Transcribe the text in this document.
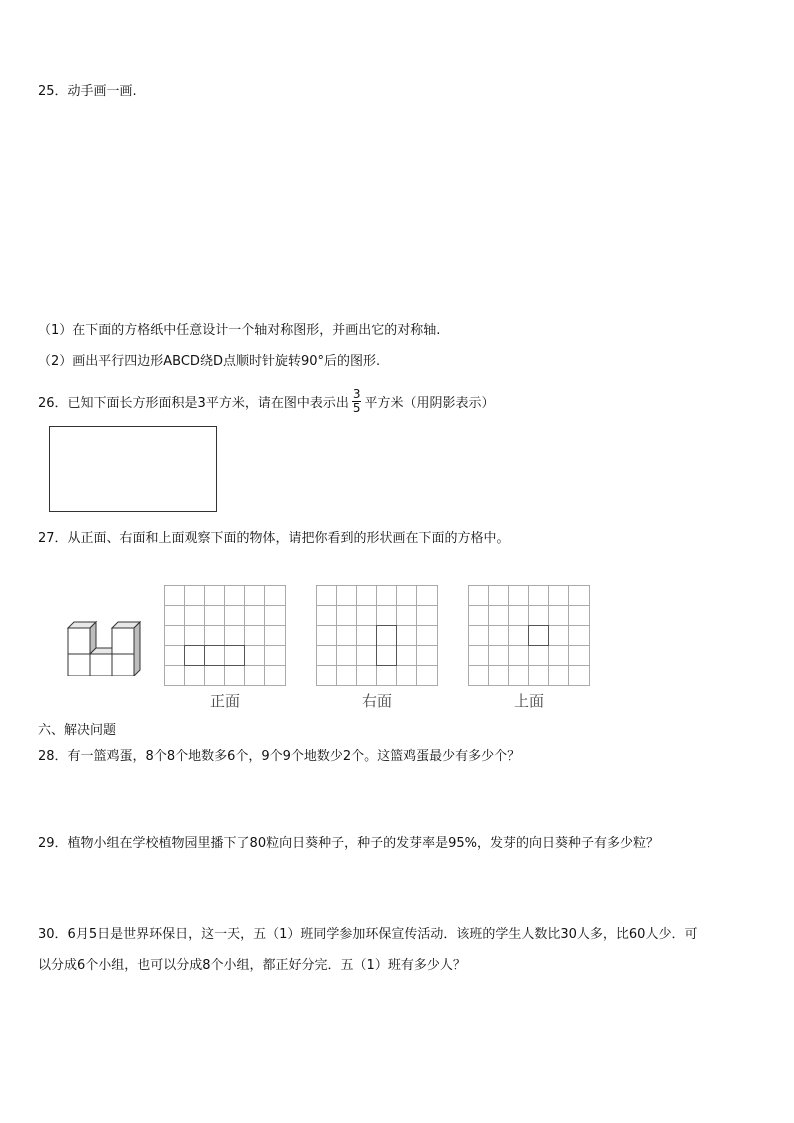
25．动手画一画.
（1）在下面的方格纸中任意设计一个轴对称图形，并画出它的对称轴.
（2）画出平行四边形ABCD绕D点顺时针旋转90°后的图形.
26．已知下面长方形面积是3平方米，请在图中表示出 $\frac{3}{5}$ 平方米（用阴影表示）
27．从正面、右面和上面观察下面的物体，请把你看到的形状画在下面的方格中。
正面	右面	上面
六、解决问题
28．有一篮鸡蛋，8个8个地数多6个，9个9个地数少2个。这篮鸡蛋最少有多少个？
29．植物小组在学校植物园里播下了80粒向日葵种子，种子的发芽率是95%，发芽的向日葵种子有多少粒？
30．6月5日是世界环保日，这一天，五（1）班同学参加环保宣传活动．该班的学生人数比30人多，比60人少．可
以分成6个小组，也可以分成8个小组，都正好分完．五（1）班有多少人？
